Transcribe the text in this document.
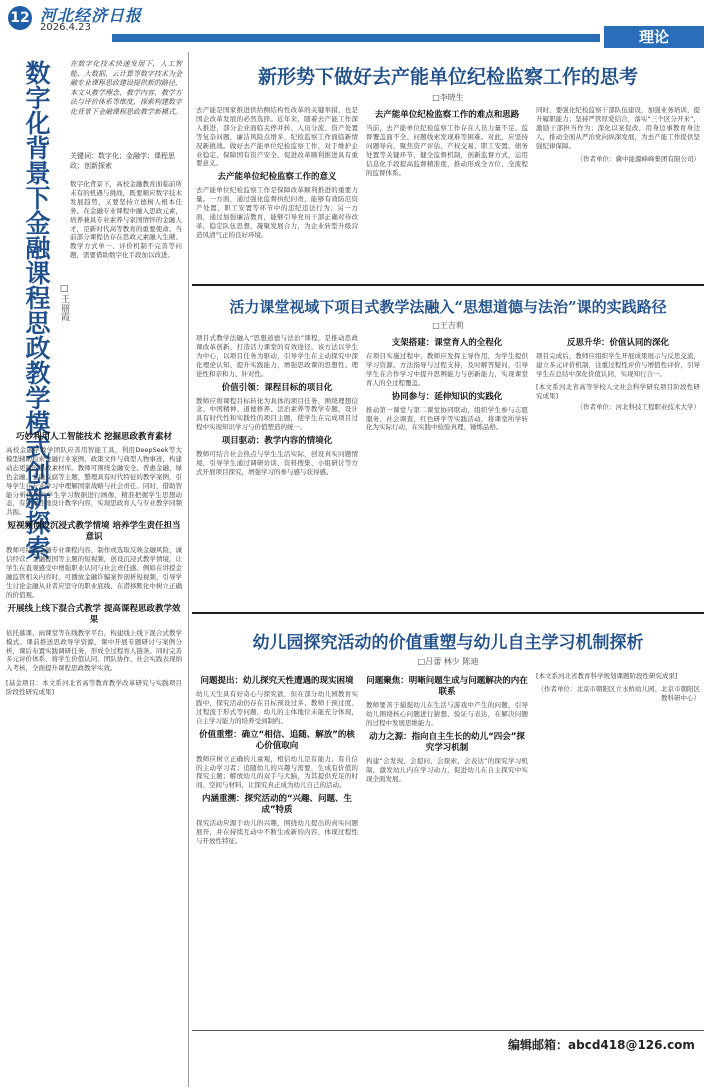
12 河北经济日报
2026.4.23
理论
数字化背景下金融课程思政教学模式创新探索 □王丽霞
在数字化技术快速发展下，人工智能、大数据、云计算等数字技术为金融专业课程思政建设提供新的路径，本文从教学理念、教学内容、教学方法与评价体系等维度，探索构建数字化背景下金融课程思政教学新模式。
关键词：数字化；金融学；课程思政；创新探索
数字化背景下，高校金融教育面临前所未有的机遇与挑战，既要顺应数字技术发展趋势，又要坚持立德树人根本任务。在金融专业课程中融入思政元素，培养兼具专业素养与家国情怀的金融人才，是新时代高等教育的重要使命。当前部分课程仍存在思政元素融入生硬、教学方式单一、评价机制不完善等问题，需要借助数字化手段加以改进。
巧妙利用人工智能技术 挖掘思政教育素材
高校金融学教学团队应善用智能工具，利用DeepSeek等大模型辅助检索金融行业案例、政策文件与典型人物事迹，构建动态更新的思政素材库。教师可围绕金融安全、普惠金融、绿色金融、金融反腐等主题，整理具有时代特征的教学案例，引导学生在专业学习中理解国家战略与社会责任。同时，借助智能分析技术对学生学习数据进行画像，精准把握学生思想动态，有针对性地设计教学内容，实现思政育人与专业教学同频共振。
短视频创设沉浸式教学情境 培养学生责任担当意识
教师可结合金融专业课程内容，制作或选取反映金融风险、诚信经营、金融报国等主题的短视频，创设沉浸式教学情境，让学生在直观感受中增强职业认同与社会责任感。例如在讲授金融监管相关内容时，可播放金融诈骗案件剖析短视频，引导学生讨论金融从业者应坚守的职业底线，在潜移默化中树立正确的价值观。
开展线上线下混合式教学 提高课程思政教学效果
依托慕课、雨课堂等在线教学平台，构建线上线下混合式教学模式。课前推送思政导学资源，课中开展专题研讨与案例分析，课后布置实践调研任务，形成全过程育人链条。同时完善多元评价体系，将学生价值认同、团队协作、社会实践表现纳入考核，全面提升课程思政教学实效。
[基金项目：本文系河北省高等教育教学改革研究与实践项目阶段性研究成果]
新形势下做好去产能单位纪检监察工作的思考
□李晓生
去产能是国家推进供给侧结构性改革的关键举措，也是国企改革发展的必然选择。近年来，随着去产能工作深入推进，部分企业面临关停并转、人员分流、资产处置等复杂问题，廉洁风险点增多，纪检监察工作面临新情况新挑战。做好去产能单位纪检监察工作，对于维护企业稳定、保障国有资产安全、促进改革顺利推进具有重要意义。
去产能单位纪检监察工作的意义
去产能单位纪检监察工作是保障改革顺利推进的重要力量。一方面，通过强化监督执纪问责，能够有效防范资产处置、职工安置等环节中的违纪违法行为；另一方面，通过加强廉洁教育，能够引导党员干部正确对待改革，稳定队伍思想，凝聚发展合力，为企业转型升级营造风清气正的良好环境。
去产能单位纪检监察工作的难点和思路
当前，去产能单位纪检监察工作存在人员力量不足、监督覆盖面不全、问题线索发现难等困难。对此，应坚持问题导向，聚焦资产评估、产权交易、职工安置、债务处置等关键环节，健全监督机制，创新监督方式，运用信息化手段提高监督精准度，推动形成全方位、全流程的监督体系。
同时，要强化纪检监察干部队伍建设，加强业务培训，提升履职能力；坚持严管厚爱结合，落实“三个区分开来”，激励干部担当作为；深化以案促改，用身边事教育身边人，推动全面从严治党向纵深发展，为去产能工作提供坚强纪律保障。
（作者单位：冀中能源峰峰集团有限公司）
活力课堂视域下项目式教学法融入“思想道德与法治”课的实践路径
□王吉莉
项目式教学法融入“思想道德与法治”课程，是推动思政课改革创新、打造活力课堂的有效途径。该方法以学生为中心，以项目任务为驱动，引导学生在主动探究中深化理论认知、提升实践能力，增强思政课的思想性、理论性和亲和力、针对性。
价值引领：课程目标的项目化
教师应将课程目标转化为具体的项目任务，围绕理想信念、中国精神、道德修养、法治素养等教学专题，设计具有时代性和实践性的项目主题，使学生在完成项目过程中实现知识学习与价值塑造的统一。
项目驱动：教学内容的情境化
教师可结合社会热点与学生生活实际，创设真实问题情境，引导学生通过调研访谈、资料搜集、小组研讨等方式开展项目探究，增强学习的参与感与获得感。
支架搭建：课堂育人的全程化
在项目实施过程中，教师应发挥主导作用，为学生提供学习资源、方法指导与过程支持，及时解答疑问，引导学生在合作学习中提升思辨能力与创新能力，实现课堂育人的全过程覆盖。
协同参与：延伸知识的实践化
推动第一课堂与第二课堂协同联动，组织学生参与志愿服务、社会调查、红色研学等实践活动，将课堂所学转化为实际行动，在实践中检验真理、锤炼品格。
反思升华：价值认同的深化
项目完成后，教师应组织学生开展成果展示与反思交流，建立多元评价机制，注重过程性评价与增值性评价，引导学生在总结中深化价值认同，实现知行合一。
[本文系河北省高等学校人文社会科学研究项目阶段性研究成果]
（作者单位：河北科技工程职业技术大学）
幼儿园探究活动的价值重塑与幼儿自主学习机制探析
□吕蕾 林少 陈迪
问题提出：幼儿探究天性遭遇的现实困境
幼儿天生具有好奇心与探究欲，但在部分幼儿园教育实践中，探究活动仍存在目标预设过多、教师干预过度、过程流于形式等问题，幼儿的主体地位未能充分体现，自主学习能力的培养受到制约。
价值重塑：确立“相信、追随、解放”的核心价值取向
教师应树立正确的儿童观，相信幼儿是有能力、有自信的主动学习者；追随幼儿的兴趣与需要，生成有价值的探究主题；解放幼儿的双手与大脑，为其提供充足的时间、空间与材料，让探究真正成为幼儿自己的活动。
内涵重溯：探究活动的“兴趣、问题、生成”特质
探究活动应源于幼儿的兴趣，围绕幼儿提出的真实问题展开，并在持续互动中不断生成新的内容，体现过程性与开放性特征。
问题聚焦：明晰问题生成与问题解决的内在联系
教师要善于捕捉幼儿在生活与游戏中产生的问题，引导幼儿围绕核心问题进行猜想、验证与表达，在解决问题的过程中发展思维能力。
动力之源：指向自主生长的幼儿“四会”探究学习机制
构建“会发现、会提问、会探索、会表达”的探究学习机制，激发幼儿内在学习动力，促进幼儿在自主探究中实现全面发展。
[本文系河北省教育科学规划课题阶段性研究成果]
（作者单位：北京市朝阳区立水桥幼儿园、北京市朝阳区教科研中心）
编辑邮箱：abcd418@126.com
